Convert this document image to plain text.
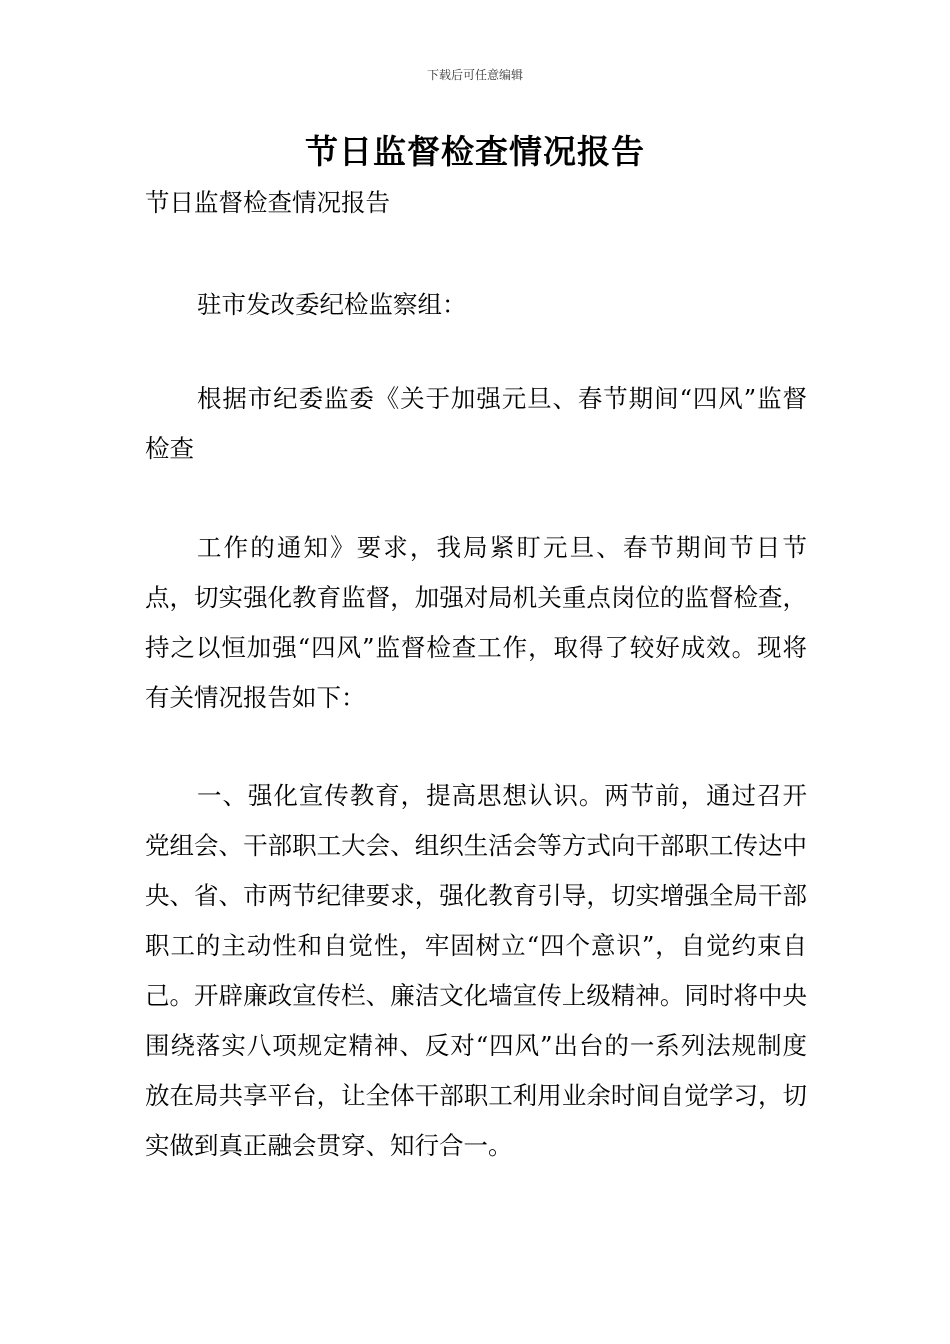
下载后可任意编辑
节日监督检查情况报告
节日监督检查情况报告
驻市发改委纪检监察组：
根据市纪委监委《关于加强元旦、春节期间“四风”监督检查
工作的通知》要求，我局紧盯元旦、春节期间节日节点，切实强化教育监督，加强对局机关重点岗位的监督检查，持之以恒加强“四风”监督检查工作，取得了较好成效。现将有关情况报告如下：
一、强化宣传教育，提高思想认识。两节前，通过召开党组会、干部职工大会、组织生活会等方式向干部职工传达中央、省、市两节纪律要求，强化教育引导，切实增强全局干部职工的主动性和自觉性，牢固树立“四个意识”，自觉约束自己。开辟廉政宣传栏、廉洁文化墙宣传上级精神。同时将中央围绕落实八项规定精神、反对“四风”出台的一系列法规制度放在局共享平台，让全体干部职工利用业余时间自觉学习，切实做到真正融会贯穿、知行合一。
